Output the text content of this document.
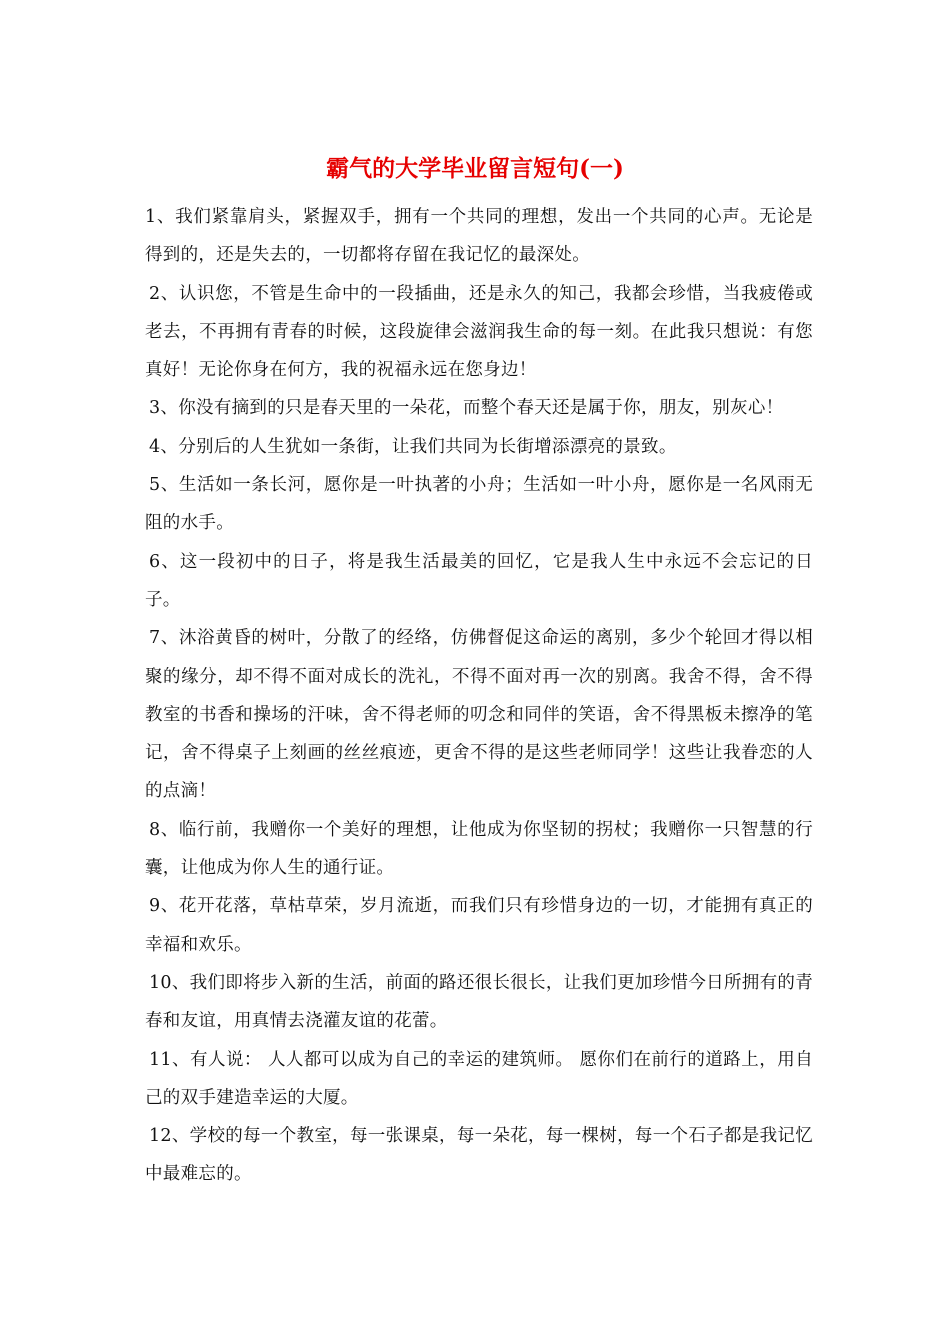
霸气的大学毕业留言短句(一)

1、我们紧靠肩头，紧握双手，拥有一个共同的理想，发出一个共同的心声。无论是得到的，还是失去的，一切都将存留在我记忆的最深处。

2、认识您，不管是生命中的一段插曲，还是永久的知己，我都会珍惜，当我疲倦或老去，不再拥有青春的时候，这段旋律会滋润我生命的每一刻。在此我只想说：有您真好！无论你身在何方，我的祝福永远在您身边！

3、你没有摘到的只是春天里的一朵花，而整个春天还是属于你，朋友，别灰心！

4、分别后的人生犹如一条街，让我们共同为长街增添漂亮的景致。

5、生活如一条长河，愿你是一叶执著的小舟；生活如一叶小舟，愿你是一名风雨无阻的水手。

6、这一段初中的日子，将是我生活最美的回忆，它是我人生中永远不会忘记的日子。

7、沐浴黄昏的树叶，分散了的经络，仿佛督促这命运的离别，多少个轮回才得以相聚的缘分，却不得不面对成长的洗礼，不得不面对再一次的别离。我舍不得，舍不得教室的书香和操场的汗味，舍不得老师的叨念和同伴的笑语，舍不得黑板未擦净的笔记，舍不得桌子上刻画的丝丝痕迹，更舍不得的是这些老师同学！这些让我眷恋的人的点滴！

8、临行前，我赠你一个美好的理想，让他成为你坚韧的拐杖；我赠你一只智慧的行囊，让他成为你人生的通行证。

9、花开花落，草枯草荣，岁月流逝，而我们只有珍惜身边的一切，才能拥有真正的幸福和欢乐。

10、我们即将步入新的生活，前面的路还很长很长，让我们更加珍惜今日所拥有的青春和友谊，用真情去浇灌友谊的花蕾。

11、有人说： 人人都可以成为自己的幸运的建筑师。 愿你们在前行的道路上，用自己的双手建造幸运的大厦。

12、学校的每一个教室，每一张课桌，每一朵花，每一棵树，每一个石子都是我记忆中最难忘的。
